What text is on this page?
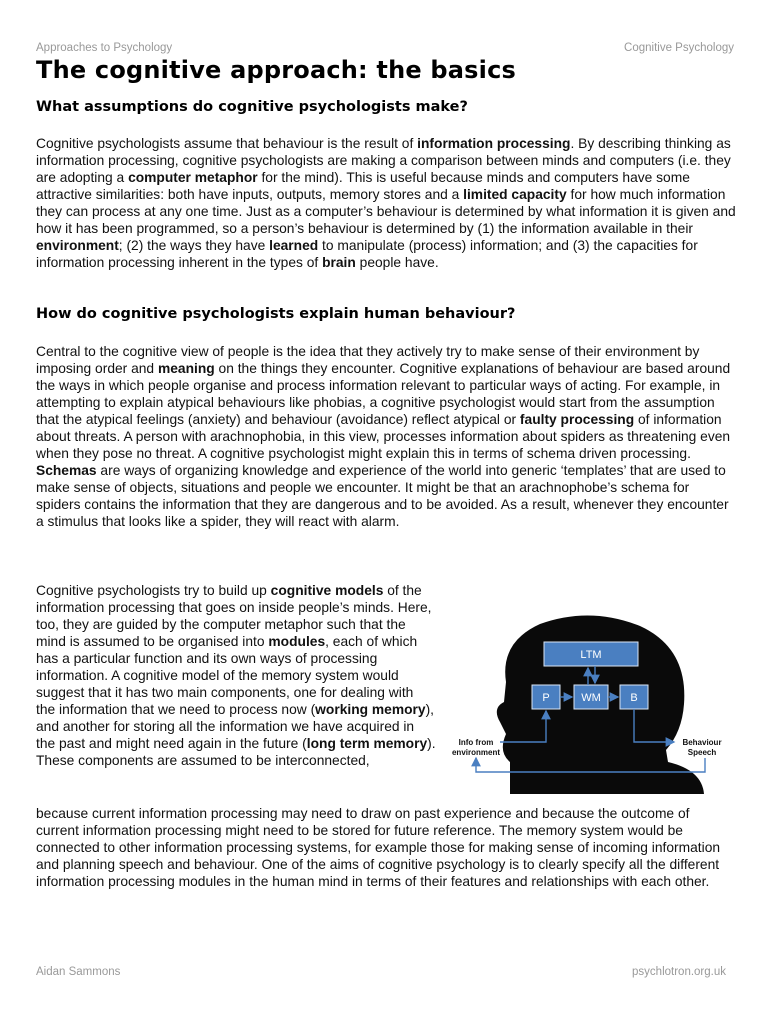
Approaches to Psychology	Cognitive Psychology
The cognitive approach: the basics
What assumptions do cognitive psychologists make?

Cognitive psychologists assume that behaviour is the result of information processing. By describing thinking as information processing, cognitive psychologists are making a comparison between minds and computers (i.e. they are adopting a computer metaphor for the mind). This is useful because minds and computers have some attractive similarities: both have inputs, outputs, memory stores and a limited capacity for how much information they can process at any one time. Just as a computer’s behaviour is determined by what information it is given and how it has been programmed, so a person’s behaviour is determined by (1) the information available in their environment; (2) the ways they have learned to manipulate (process) information; and (3) the capacities for information processing inherent in the types of brain people have.

How do cognitive psychologists explain human behaviour?

Central to the cognitive view of people is the idea that they actively try to make sense of their environment by imposing order and meaning on the things they encounter. Cognitive explanations of behaviour are based around the ways in which people organise and process information relevant to particular ways of acting. For example, in attempting to explain atypical behaviours like phobias, a cognitive psychologist would start from the assumption that the atypical feelings (anxiety) and behaviour (avoidance) reflect atypical or faulty processing of information about threats. A person with arachnophobia, in this view, processes information about spiders as threatening even when they pose no threat. A cognitive psychologist might explain this in terms of schema driven processing. Schemas are ways of organizing knowledge and experience of the world into generic ‘templates’ that are used to make sense of objects, situations and people we encounter. It might be that an arachnophobe’s schema for spiders contains the information that they are dangerous and to be avoided. As a result, whenever they encounter a stimulus that looks like a spider, they will react with alarm.

Cognitive psychologists try to build up cognitive models of the information processing that goes on inside people’s minds. Here, too, they are guided by the computer metaphor such that the mind is assumed to be organised into modules, each of which has a particular function and its own ways of processing information. A cognitive model of the memory system would suggest that it has two main components, one for dealing with the information that we need to process now (working memory), and another for storing all the information we have acquired in the past and might need again in the future (long term memory). These components are assumed to be interconnected,

because current information processing may need to draw on past experience and because the outcome of current information processing might need to be stored for future reference. The memory system would be connected to other information processing systems, for example those for making sense of incoming information and planning speech and behaviour. One of the aims of cognitive psychology is to clearly specify all the different information processing modules in the human mind in terms of their features and relationships with each other.

LTM
P	WM	B
Info from
environment
Behaviour
Speech
Aidan Sammons	psychlotron.org.uk
